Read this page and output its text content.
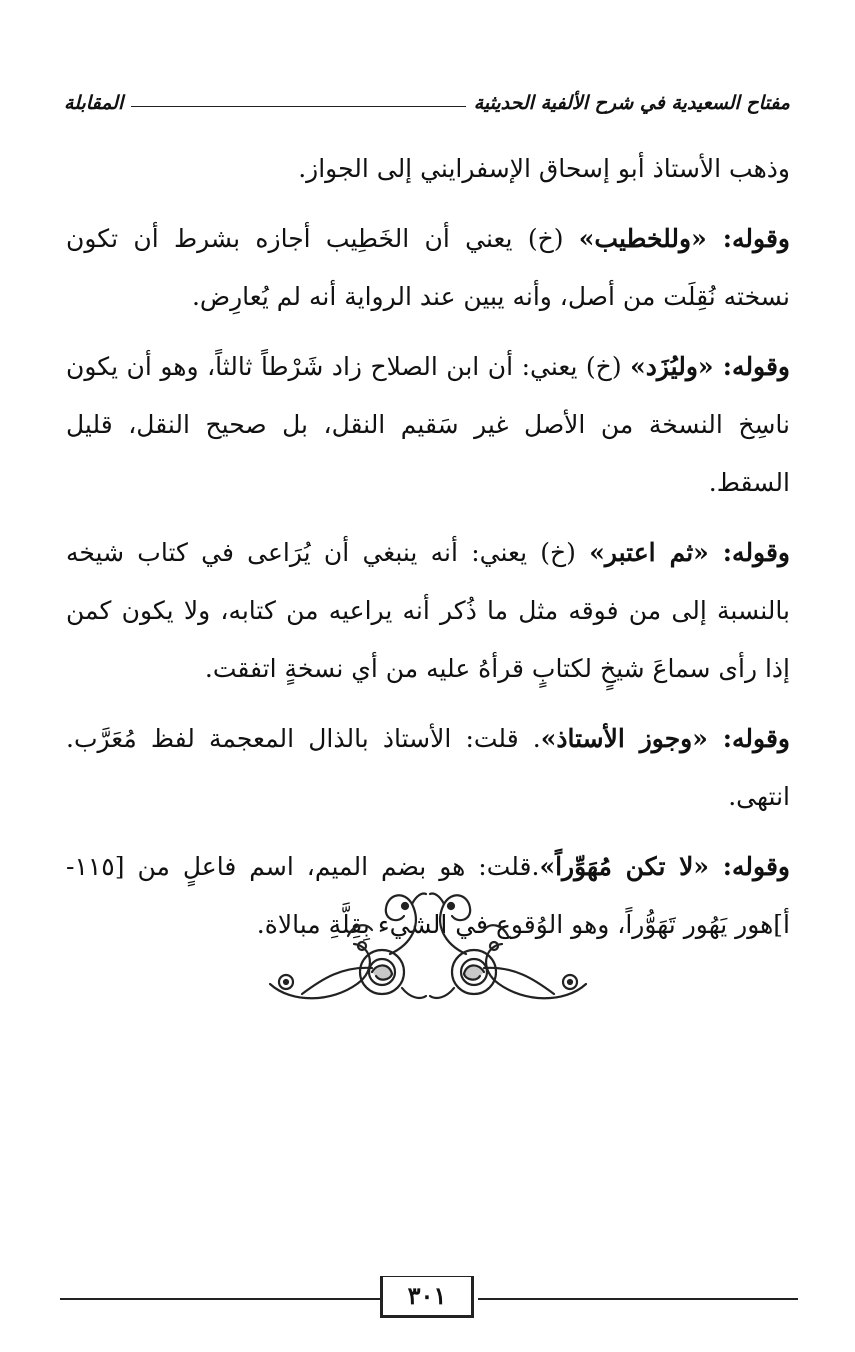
مفتاح السعيدية في شرح الألفية الحديثية
المقابلة

وذهب الأستاذ أبو إسحاق الإسفرايني إلى الجواز.

وقوله: «وللخطيب» (خ) يعني أن الخَطِيب أجازه بشرط أن تكون نسخته نُقِلَت من أصل، وأنه يبين عند الرواية أنه لم يُعارِض.

وقوله: «وليُزَد» (خ) يعني: أن ابن الصلاح زاد شَرْطاً ثالثاً، وهو أن يكون ناسِخ النسخة من الأصل غير سَقيم النقل، بل صحيح النقل، قليل السقط.

وقوله: «ثم اعتبر» (خ) يعني: أنه ينبغي أن يُرَاعى في كتاب شيخه بالنسبة إلى من فوقه مثل ما ذُكر أنه يراعيه من كتابه، ولا يكون كمن إذا رأى سماعَ شيخٍ لكتابٍ قرأهُ عليه من أي نسخةٍ اتفقت.

وقوله: «وجوز الأستاذ». قلت: الأستاذ بالذال المعجمة لفظ مُعَرَّب. انتهى.

وقوله: «لا تكن مُهَوِّراً».قلت: هو بضم الميم، اسم فاعلٍ من [١١٥-أ]هور يَهُور تَهَوُّراً، وهو الوُقوع في الشيء بِقِلَّةِ مبالاة.

٣٠١
